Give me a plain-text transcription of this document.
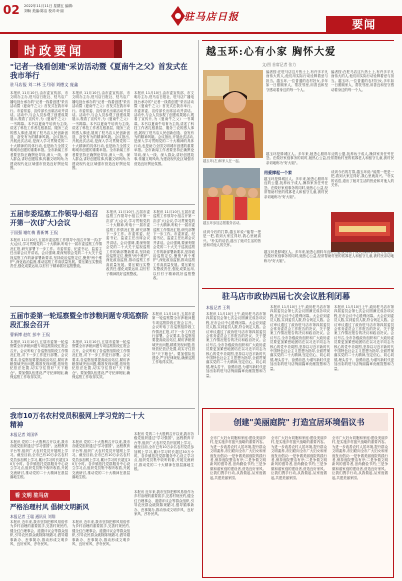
02 2022年11月11日 星期五 编辑:刘畅 美编:陈洁 校对:叶丽
驻马店日报
要闻
时政要闻
"记者一线看创建"采访活动暨《夏南牛之父》首发式在我市举行
驻马店报 刘二林 王月刚 刘德文 庞鑫
本报讯 11月10日,由市委宣传部、市文明办主办,驻马店日报社、驻马店广播电视台承办的"记者一线看创建"采访活动暨《夏南牛之父》首发式在我市举行。市委常委、宣传部长出席活动并讲话。活动中,与会人员参观了创建成果展示,观看了宣传片,为《夏南牛之父》一书揭幕。本书以夏南牛培育为主线,讲述了科技工作者扎根基层、服务三农的感人事迹,展现了驻马店人民创新创造、奋发有为的精神风貌。会议指出,开展此次活动,是深入学习贯彻党的二十大精神的具体行动,也是助力全国文明城市创建的重要举措。全市新闻工作者要坚持正确舆论导向,深入一线、深入群众,讲好创建故事,传播文明风尚,为建设现代化区域强市营造良好舆论氛围。
本报讯 11月10日,由市委宣传部、市文明办主办,驻马店日报社、驻马店广播电视台承办的"记者一线看创建"采访活动暨《夏南牛之父》首发式在我市举行。市委常委、宣传部长出席活动并讲话。活动中,与会人员参观了创建成果展示,观看了宣传片,为《夏南牛之父》一书揭幕。本书以夏南牛培育为主线,讲述了科技工作者扎根基层、服务三农的感人事迹,展现了驻马店人民创新创造、奋发有为的精神风貌。会议指出,开展此次活动,是深入学习贯彻党的二十大精神的具体行动,也是助力全国文明城市创建的重要举措。全市新闻工作者要坚持正确舆论导向,深入一线、深入群众,讲好创建故事,传播文明风尚,为建设现代化区域强市营造良好舆论氛围。
本报讯 11月10日,由市委宣传部、市文明办主办,驻马店日报社、驻马店广播电视台承办的"记者一线看创建"采访活动暨《夏南牛之父》首发式在我市举行。市委常委、宣传部长出席活动并讲话。活动中,与会人员参观了创建成果展示,观看了宣传片,为《夏南牛之父》一书揭幕。本书以夏南牛培育为主线,讲述了科技工作者扎根基层、服务三农的感人事迹,展现了驻马店人民创新创造、奋发有为的精神风貌。会议指出,开展此次活动,是深入学习贯彻党的二十大精神的具体行动,也是助力全国文明城市创建的重要举措。全市新闻工作者要坚持正确舆论导向,深入一线、深入群众,讲好创建故事,传播文明风尚,为建设现代化区域强市营造良好舆论氛围。
五届市委巡察工作领导小组召开第一次(扩大)会议
于国强 谢红梅 曹新博 王侃
本报讯 11月10日,五届市委巡察工作领导小组召开第一次(扩大)会议,学习贯彻党的二十大精神,听取十一届市委巡察工作情况汇报,研究部署下一步工作。市委常委、纪委书记、监委主任出席会议并讲话。会议强调,要深刻领会党的二十大关于巡视巡察工作的新部署新要求,坚持政治巡察定位,聚焦"两个维护",深化政治监督,推动巡察工作高质量发展。要压紧压实整改责任,强化成果运用,以钉钉子精神抓好巡察整改。
本报讯 11月10日,五届市委巡察工作领导小组召开第一次(扩大)会议,学习贯彻党的二十大精神,听取十一届市委巡察工作情况汇报,研究部署下一步工作。市委常委、纪委书记、监委主任出席会议并讲话。会议强调,要深刻领会党的二十大关于巡视巡察工作的新部署新要求,坚持政治巡察定位,聚焦"两个维护",深化政治监督,推动巡察工作高质量发展。要压紧压实整改责任,强化成果运用,以钉钉子精神抓好巡察整改。
本报讯 11月10日,五届市委巡察工作领导小组召开第一次(扩大)会议,学习贯彻党的二十大精神,听取十一届市委巡察工作情况汇报,研究部署下一步工作。市委常委、纪委书记、监委主任出席会议并讲话。会议强调,要深刻领会党的二十大关于巡视巡察工作的新部署新要求,坚持政治巡察定位,聚焦"两个维护",深化政治监督,推动巡察工作高质量发展。要压紧压实整改责任,强化成果运用,以钉钉子精神抓好巡察整改。
五届市委第一轮巡察暨全市涉粮问题专项巡察阶段汇报会召开
曹新博 赵红 彭中 王侃
本报讯 11月10日,五届市委第一轮巡察暨全市涉粮问题专项巡察阶段汇报会召开。会议听取了各巡察组阶段工作情况汇报,对下一步工作进行部署。会议要求,各巡察组要提高政治站位,紧盯涉粮领域突出问题,精准发现问题,依规依纪依法处置,切实守住管好"天下粮仓"。要加强队伍建设,严守纪律规矩,确保巡察工作取得实效。
本报讯 11月10日,五届市委第一轮巡察暨全市涉粮问题专项巡察阶段汇报会召开。会议听取了各巡察组阶段工作情况汇报,对下一步工作进行部署。会议要求,各巡察组要提高政治站位,紧盯涉粮领域突出问题,精准发现问题,依规依纪依法处置,切实守住管好"天下粮仓"。要加强队伍建设,严守纪律规矩,确保巡察工作取得实效。
本报讯 11月10日,五届市委第一轮巡察暨全市涉粮问题专项巡察阶段汇报会召开。会议听取了各巡察组阶段工作情况汇报,对下一步工作进行部署。会议要求,各巡察组要提高政治站位,紧盯涉粮领域突出问题,精准发现问题,依规依纪依法处置,切实守住管好"天下粮仓"。要加强队伍建设,严守纪律规矩,确保巡察工作取得实效。
我市10万名农村党员积极网上学习党的二十大精神
本报记者 刘国华
本报讯 党的二十大胜利召开以来,我市各级党组织通过"学习强国"、远程教育平台等,组织广大农村党员开展网上学习。截至目前,全市已有10万余名农村党员参加网上学习,累计学习时长超过30万小时。各乡镇依托党群服务中心设立学习点,组织党员集中收听收看,开展交流研讨,推动党的二十大精神在基层落地生根。
本报讯 党的二十大胜利召开以来,我市各级党组织通过"学习强国"、远程教育平台等,组织广大农村党员开展网上学习。截至目前,全市已有10万余名农村党员参加网上学习,累计学习时长超过30万小时。各乡镇依托党群服务中心设立学习点,组织党员集中收听收看,开展交流研讨,推动党的二十大精神在基层落地生根。
本报讯 党的二十大胜利召开以来,我市各级党组织通过"学习强国"、远程教育平台等,组织广大农村党员开展网上学习。截至目前,全市已有10万余名农村党员参加网上学习,累计学习时长超过30万小时。各乡镇依托党群服务中心设立学习点,组织党员集中收听收看,开展交流研讨,推动党的二十大精神在基层落地生根。
看 文明 驻马店
严格治理村风 倡树文明新风
本报记者 王聪 通讯员 刘翔
本报讯 近年来,我市坚持把移风易俗作为乡村治理的重要抓手,完善村规民约,健全红白理事会、道德评议会等群众组织,引导农民群众破除陈规陋习,倡导婚事新办、丧事简办,推动形成文明乡风、良好家风、淳朴民风。
本报讯 近年来,我市坚持把移风易俗作为乡村治理的重要抓手,完善村规民约,健全红白理事会、道德评议会等群众组织,引导农民群众破除陈规陋习,倡导婚事新办、丧事简办,推动形成文明乡风、良好家风、淳朴民风。
本报讯 近年来,我市坚持把移风易俗作为乡村治理的重要抓手,完善村规民约,健全红白理事会、道德评议会等群众组织,引导农民群众破除陈规陋习,倡导婚事新办、丧事简办,推动形成文明乡风、良好家风、淳朴民风。
越玉环:心有小家 胸怀大爱
文/图 首席记者 张力
越玉环(左)和家人在一起。
编者按:在驻马店这片热土上,有许多平凡而伟大的人,他们用实际行动诠释着爱与担当。越玉环,一位普通的农村妇女,多年如一日照顾家人、帮扶邻里,用善良和坚守感动着身边的每一个人。
编者按:在驻马店这片热土上,有许多平凡而伟大的人,他们用实际行动诠释着爱与担当。越玉环,一位普通的农村妇女,多年如一日照顾家人、帮扶邻里,用善良和坚守感动着身边的每一个人。
越玉环是驿城区人。多年来,她悉心照料年迈的公婆,抚养孩子成人,操持家务任劳任怨。在做好家庭事务的同时,她热心公益,经常帮助村里的孤寡老人和留守儿童,被村民亲切地称为"好大姐"。
用爱撑起一个家
越玉环是驿城区人。多年来,她悉心照料年迈的公婆,抚养孩子成人,操持家务任劳任怨。在做好家庭事务的同时,她热心公益,经常帮助村里的孤寡老人和留守儿童,被村民亲切地称为"好大姐"。
越玉环参加志愿服务活动。
谈到今后的打算,越玉环说:"能帮一把是一把,看到大家过得好,我心里就高兴。"朴实的话语,道出了她对生活的热爱和对他人的关怀。
谈到今后的打算,越玉环说:"能帮一把是一把,看到大家过得好,我心里就高兴。"朴实的话语,道出了她对生活的热爱和对他人的关怀。
越玉环是驿城区人。多年来,她悉心照料年迈的公婆,抚养孩子成人,操持家务任劳任怨。在做好家庭事务的同时,她热心公益,经常帮助村里的孤寡老人和留守儿童,被村民亲切地称为"好大姐"。
驻马店市政协四届七次会议胜利闭幕
本报记者 王利
本报讯 11月10日上午,政协驻马店市第四届委员会第七次会议圆满完成各项议程,在市会议中心胜利闭幕。大会应到委员人数,实到委员人数,符合规定人数。会议审议通过了政协驻马店市第四届委员会常务委员会工作报告的决议、关于提案工作情况报告的决议和政治决议。会议号召,全市各级政协组织和广大政协委员要更加紧密地团结在以习近平同志为核心的党中央周围,坚持以习近平新时代中国特色社会主义思想为指导,全面贯彻落实党的二十大精神,坚定信心、同心同德,埋头苦干、奋勇前进,为谱写新时代更加出彩的驻马店绚丽篇章贡献智慧和力量。
本报讯 11月10日上午,政协驻马店市第四届委员会第七次会议圆满完成各项议程,在市会议中心胜利闭幕。大会应到委员人数,实到委员人数,符合规定人数。会议审议通过了政协驻马店市第四届委员会常务委员会工作报告的决议、关于提案工作情况报告的决议和政治决议。会议号召,全市各级政协组织和广大政协委员要更加紧密地团结在以习近平同志为核心的党中央周围,坚持以习近平新时代中国特色社会主义思想为指导,全面贯彻落实党的二十大精神,坚定信心、同心同德,埋头苦干、奋勇前进,为谱写新时代更加出彩的驻马店绚丽篇章贡献智慧和力量。
本报讯 11月10日上午,政协驻马店市第四届委员会第七次会议圆满完成各项议程,在市会议中心胜利闭幕。大会应到委员人数,实到委员人数,符合规定人数。会议审议通过了政协驻马店市第四届委员会常务委员会工作报告的决议、关于提案工作情况报告的决议和政治决议。会议号召,全市各级政协组织和广大政协委员要更加紧密地团结在以习近平同志为核心的党中央周围,坚持以习近平新时代中国特色社会主义思想为指导,全面贯彻落实党的二十大精神,坚定信心、同心同德,埋头苦干、奋勇前进,为谱写新时代更加出彩的驻马店绚丽篇章贡献智慧和力量。
创建"美丽庭院" 打造宜居环境倡议书
全市广大妇女同胞和家庭:建设美丽乡村,是实施乡村振兴战略的重要内容。为进一步改善农村人居环境,提升群众文明素养,市妇联向全市广大妇女和家庭发出倡议:一是争做美丽庭院的践行者,保持庭院整洁有序;二是争做文明新风的倡导者,崇尚勤俭节约;三是争做和谐家庭的建设者,营造良好家风。让我们携手行动,从我做起,从家庭做起,共建美丽家园。
全市广大妇女同胞和家庭:建设美丽乡村,是实施乡村振兴战略的重要内容。为进一步改善农村人居环境,提升群众文明素养,市妇联向全市广大妇女和家庭发出倡议:一是争做美丽庭院的践行者,保持庭院整洁有序;二是争做文明新风的倡导者,崇尚勤俭节约;三是争做和谐家庭的建设者,营造良好家风。让我们携手行动,从我做起,从家庭做起,共建美丽家园。
全市广大妇女同胞和家庭:建设美丽乡村,是实施乡村振兴战略的重要内容。为进一步改善农村人居环境,提升群众文明素养,市妇联向全市广大妇女和家庭发出倡议:一是争做美丽庭院的践行者,保持庭院整洁有序;二是争做文明新风的倡导者,崇尚勤俭节约;三是争做和谐家庭的建设者,营造良好家风。让我们携手行动,从我做起,从家庭做起,共建美丽家园。
